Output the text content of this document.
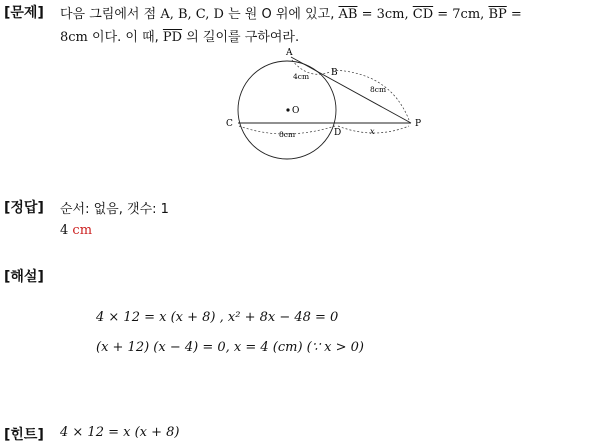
[문제] 다음 그림에서 점 A, B, C, D 는 원 O 위에 있고, $\overline{AB} = 3cm$, $\overline{CD} = 7cm$, $\overline{BP}$ =
8cm 이다. 이 때, $\overline{PD}$ 의 길이를 구하여라.
A
B
C
D
O
P
4cm
8cm
8cm	x
[정답] 순서: 없음, 갯수: 1
4 cm
[해설]
4 × 12 = x (x + 8) , x² + 8x − 48 = 0
(x + 12) (x − 4) = 0, x = 4 (cm) (∵ x > 0)
[힌트] 4 × 12 = x (x + 8)
